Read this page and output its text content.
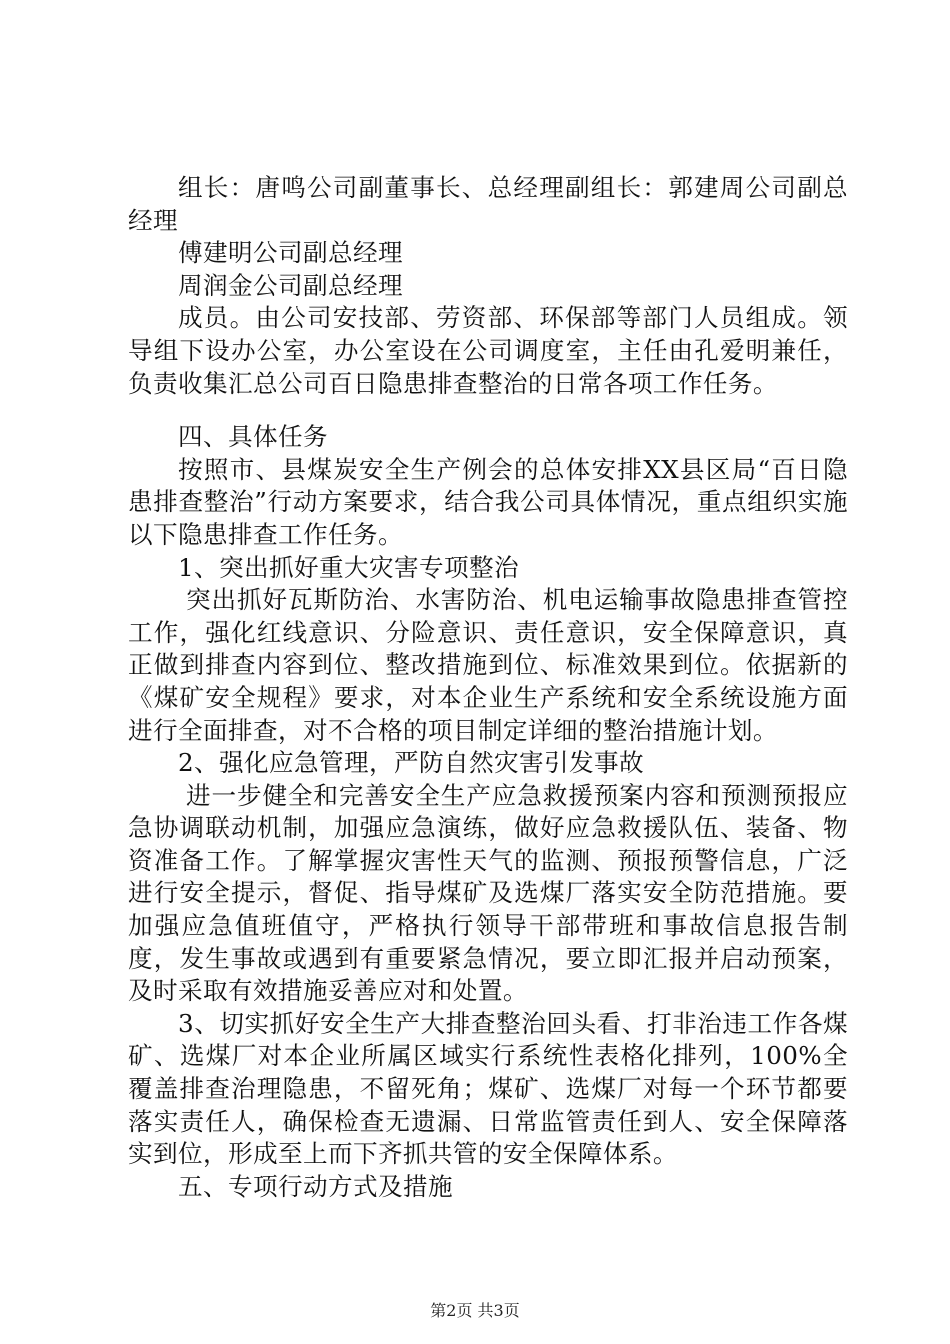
组长：唐鸣公司副董事长、总经理副组长：郭建周公司副总经理

傅建明公司副总经理

周润金公司副总经理

成员。由公司安技部、劳资部、环保部等部门人员组成。领导组下设办公室，办公室设在公司调度室，主任由孔爱明兼任，负责收集汇总公司百日隐患排查整治的日常各项工作任务。

四、具体任务

按照市、县煤炭安全生产例会的总体安排XX县区局“百日隐患排查整治”行动方案要求，结合我公司具体情况，重点组织实施以下隐患排查工作任务。

1、突出抓好重大灾害专项整治

突出抓好瓦斯防治、水害防治、机电运输事故隐患排查管控工作，强化红线意识、分险意识、责任意识，安全保障意识，真正做到排查内容到位、整改措施到位、标准效果到位。依据新的《煤矿安全规程》要求，对本企业生产系统和安全系统设施方面进行全面排查，对不合格的项目制定详细的整治措施计划。

2、强化应急管理，严防自然灾害引发事故

进一步健全和完善安全生产应急救援预案内容和预测预报应急协调联动机制，加强应急演练，做好应急救援队伍、装备、物资准备工作。了解掌握灾害性天气的监测、预报预警信息，广泛进行安全提示，督促、指导煤矿及选煤厂落实安全防范措施。要加强应急值班值守，严格执行领导干部带班和事故信息报告制度，发生事故或遇到有重要紧急情况，要立即汇报并启动预案，及时采取有效措施妥善应对和处置。

3、切实抓好安全生产大排查整治回头看、打非治违工作各煤矿、选煤厂对本企业所属区域实行系统性表格化排列，100%全覆盖排查治理隐患，不留死角；煤矿、选煤厂对每一个环节都要落实责任人，确保检查无遗漏、日常监管责任到人、安全保障落实到位，形成至上而下齐抓共管的安全保障体系。

五、专项行动方式及措施

第2页 共3页
